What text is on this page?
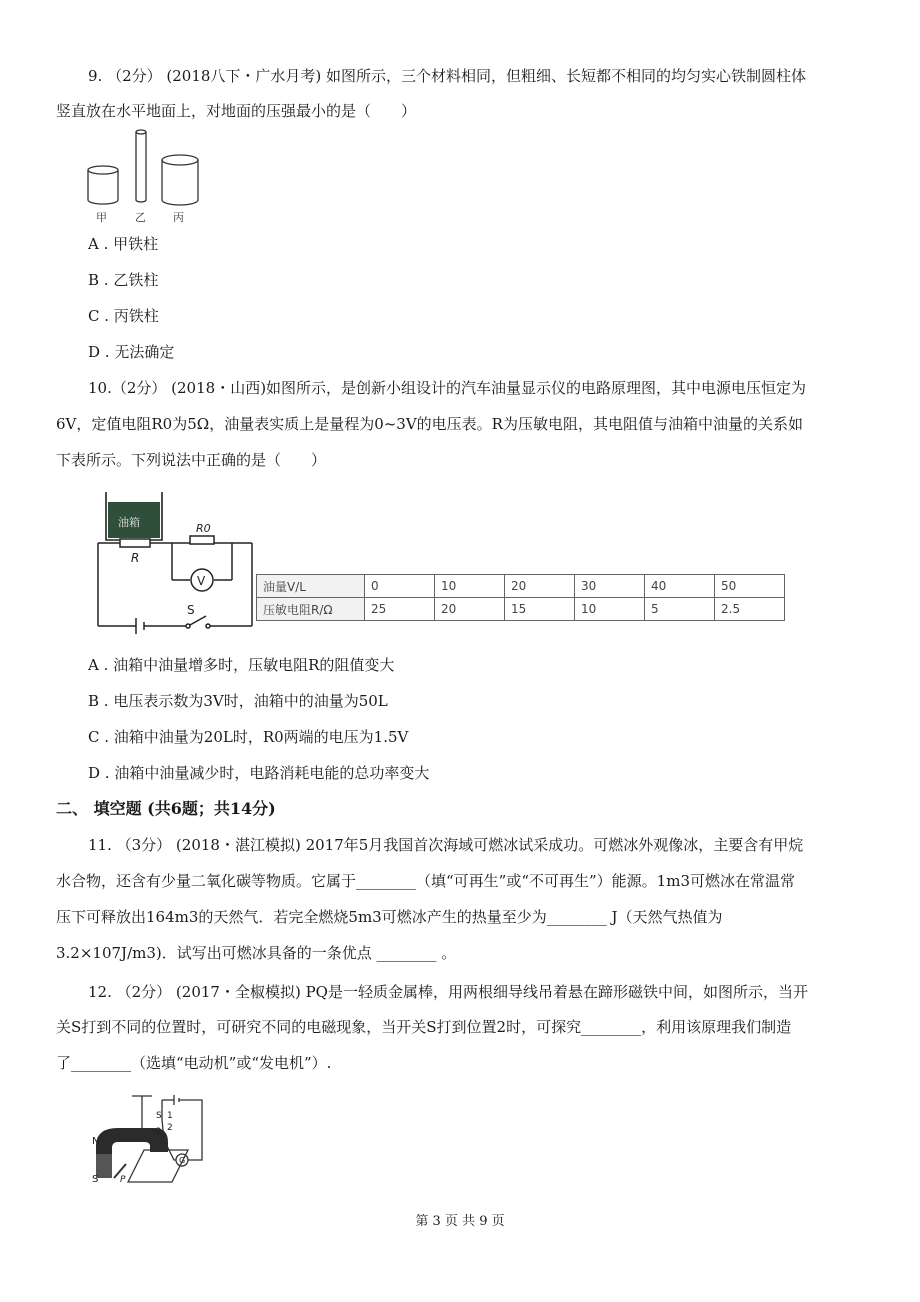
9. （2分） (2018八下・广水月考) 如图所示，三个材料相同，但粗细、长短都不相同的均匀实心铁制圆柱体
竖直放在水平地面上，对地面的压强最小的是（　　）
甲	乙 丙
A . 甲铁柱
B . 乙铁柱
C . 丙铁柱
D . 无法确定
10.（2分） (2018・山西)如图所示，是创新小组设计的汽车油量显示仪的电路原理图，其中电源电压恒定为
6V，定值电阻R0为5Ω，油量表实质上是量程为0~3V的电压表。R为压敏电阻，其电阻值与油箱中油量的关系如
下表所示。下列说法中正确的是（　　）
油箱
R
R0
V
S
油量V/L	0	10	20	30	40	50
压敏电阻R/Ω	25	20	15	10	5	2.5
A . 油箱中油量增多时，压敏电阻R的阻值变大
B . 电压表示数为3V时，油箱中的油量为50L
C . 油箱中油量为20L时，R0两端的电压为1.5V
D . 油箱中油量减少时，电路消耗电能的总功率变大
二、 填空题 (共6题；共14分)
11. （3分） (2018・湛江模拟) 2017年5月我国首次海域可燃冰试采成功。可燃冰外观像冰，主要含有甲烷
水合物，还含有少量二氧化碳等物质。它属于________（填“可再生”或“不可再生”）能源。1m3可燃冰在常温常
压下可释放出164m3的天然气．若完全燃烧5m3可燃冰产生的热量至少为________ J（天然气热值为
3.2×107J/m3)．试写出可燃冰具备的一条优点 ________ 。
12. （2分） (2017・全椒模拟) PQ是一轻质金属棒，用两根细导线吊着悬在蹄形磁铁中间，如图所示，当开
关S打到不同的位置时，可研究不同的电磁现象，当开关S打到位置2时，可探究________，利用该原理我们制造
了________（选填“电动机”或“发电机”）.
N
S
S 1
2
Q
P
G
第 3 页 共 9 页
